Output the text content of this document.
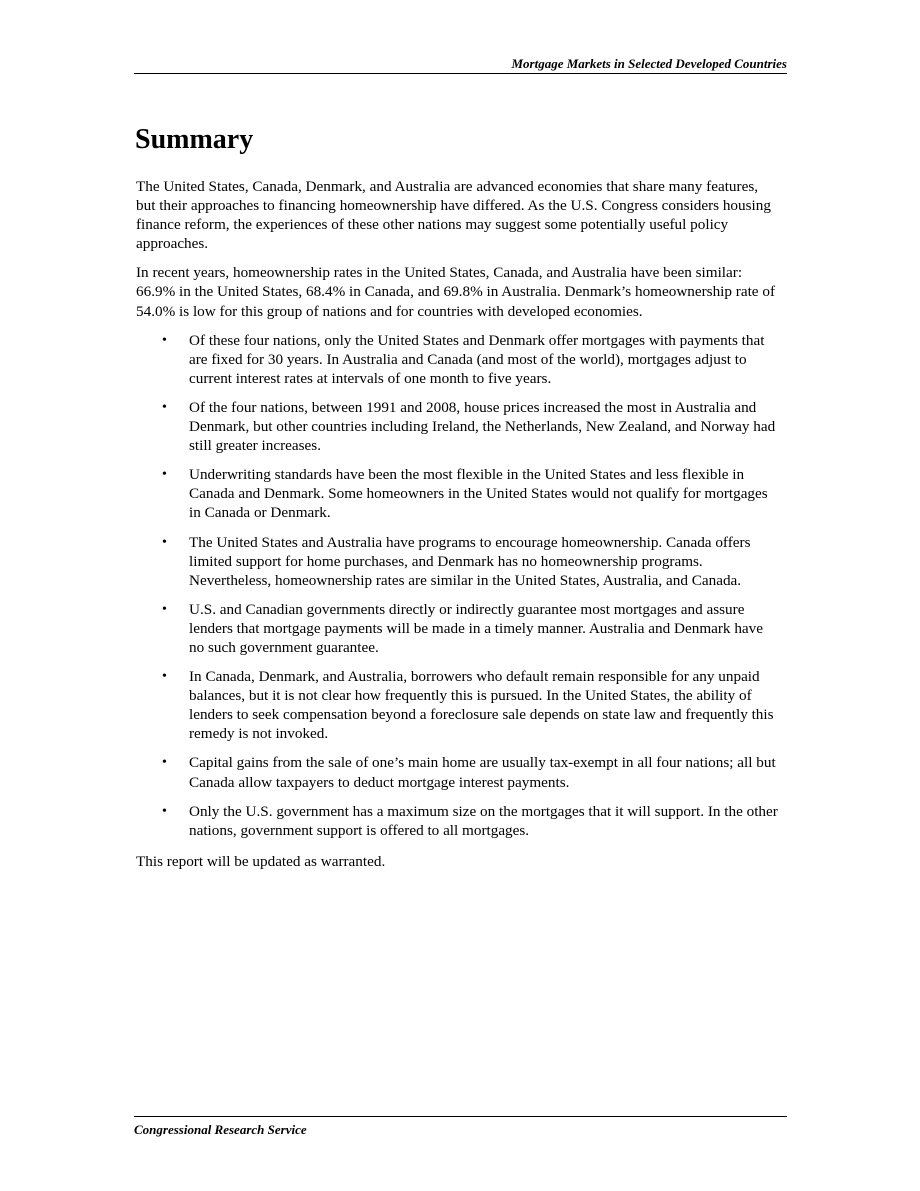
Mortgage Markets in Selected Developed Countries
Summary

The United States, Canada, Denmark, and Australia are advanced economies that share many features, but their approaches to financing homeownership have differed. As the U.S. Congress considers housing finance reform, the experiences of these other nations may suggest some potentially useful policy approaches.

In recent years, homeownership rates in the United States, Canada, and Australia have been similar: 66.9% in the United States, 68.4% in Canada, and 69.8% in Australia. Denmark’s homeownership rate of 54.0% is low for this group of nations and for countries with developed economies.

• Of these four nations, only the United States and Denmark offer mortgages with payments that are fixed for 30 years. In Australia and Canada (and most of the world), mortgages adjust to current interest rates at intervals of one month to five years.
• Of the four nations, between 1991 and 2008, house prices increased the most in Australia and Denmark, but other countries including Ireland, the Netherlands, New Zealand, and Norway had still greater increases.
• Underwriting standards have been the most flexible in the United States and less flexible in Canada and Denmark. Some homeowners in the United States would not qualify for mortgages in Canada or Denmark.
• The United States and Australia have programs to encourage homeownership. Canada offers limited support for home purchases, and Denmark has no homeownership programs. Nevertheless, homeownership rates are similar in the United States, Australia, and Canada.
• U.S. and Canadian governments directly or indirectly guarantee most mortgages and assure lenders that mortgage payments will be made in a timely manner. Australia and Denmark have no such government guarantee.
• In Canada, Denmark, and Australia, borrowers who default remain responsible for any unpaid balances, but it is not clear how frequently this is pursued. In the United States, the ability of lenders to seek compensation beyond a foreclosure sale depends on state law and frequently this remedy is not invoked.
• Capital gains from the sale of one’s main home are usually tax-exempt in all four nations; all but Canada allow taxpayers to deduct mortgage interest payments.
• Only the U.S. government has a maximum size on the mortgages that it will support. In the other nations, government support is offered to all mortgages.

This report will be updated as warranted.

Congressional Research Service
